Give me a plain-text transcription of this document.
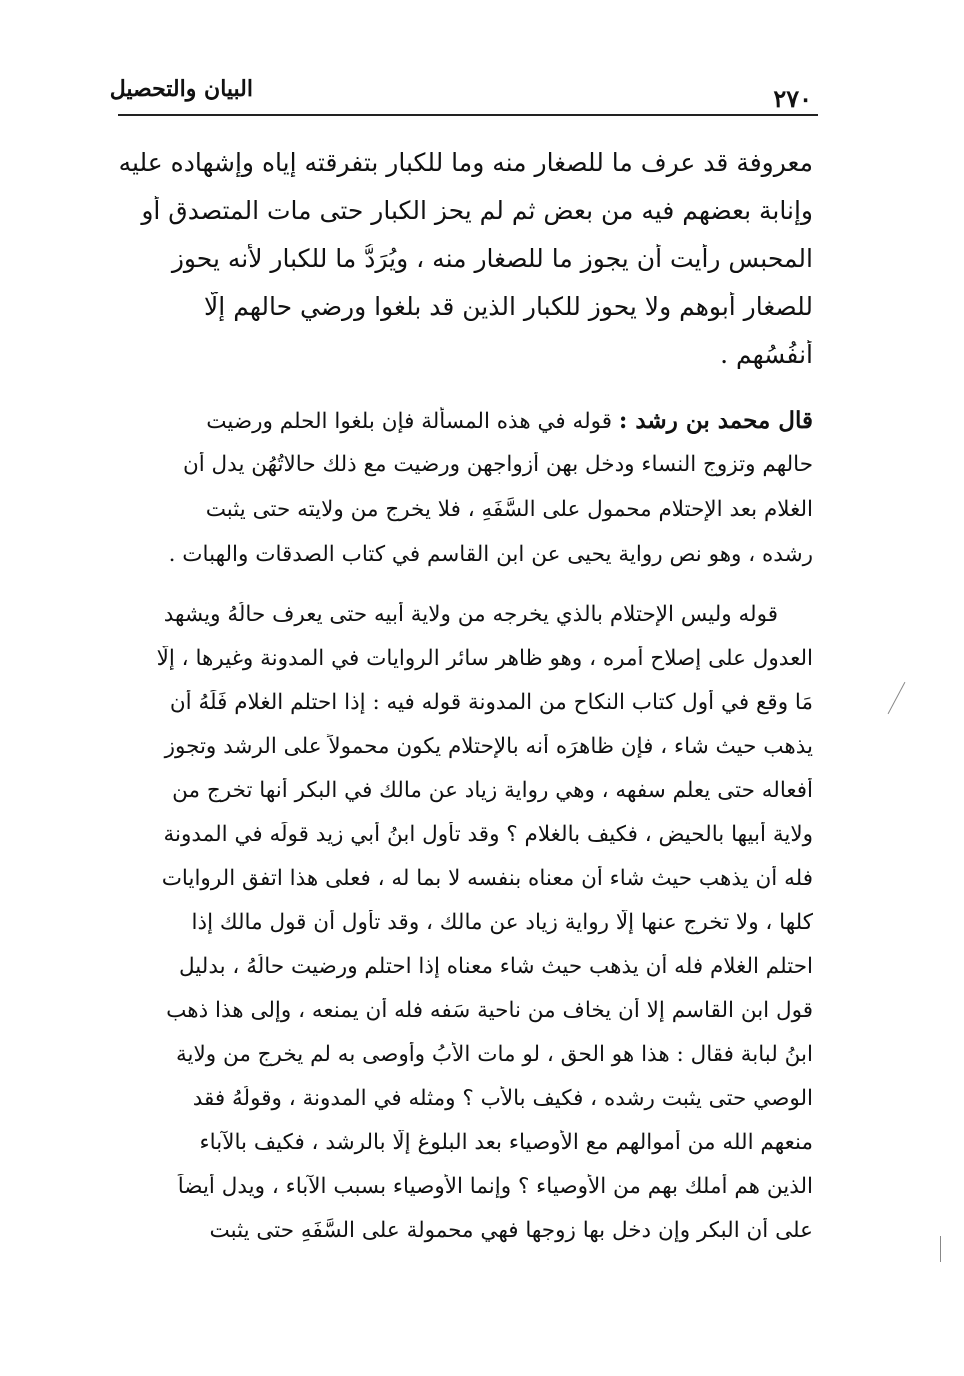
البيان والتحصيل	٢٧٠
معروفة قد عرف ما للصغار منه وما للكبار بتفرقته إياه وإشهاده عليه
وإنابة بعضهم فيه من بعض ثم لم يحز الكبار حتى مات المتصدق أو
المحبس رأيت أن يجوز ما للصغار منه ، ويُرَدُّ ما للكبار لأنه يحوز
للصغار أبوهم ولا يحوز للكبار الذين قد بلغوا ورضي حالهم إلّا
أنفُسُهم .
قال محمد بن رشد : قوله في هذه المسألة فإن بلغوا الحلم ورضيت
حالهم وتزوج النساء ودخل بهن أزواجهن ورضيت مع ذلك حالاتُهُن يدل أن
الغلام بعد الإحتلام محمول على السَّفَهِ ، فلا يخرج من ولايته حتى يثبت
رشده ، وهو نص رواية يحيى عن ابن القاسم في كتاب الصدقات والهبات .
قوله وليس الإحتلام بالذي يخرجه من ولاية أبيه حتى يعرف حالُهُ ويشهد
العدول على إصلاح أمره ، وهو ظاهر سائر الروايات في المدونة وغيرها ، إلّا
مَا وقع في أول كتاب النكاح من المدونة قوله فيه : إذا احتلم الغلام فَلَهُ أن
يذهب حيث شاء ، فإن ظاهرَه أنه بالإحتلام يكون محمولاً على الرشد وتجوز
أفعاله حتى يعلم سفهه ، وهي رواية زياد عن مالك في البكر أنها تخرج من
ولاية أبيها بالحيض ، فكيف بالغلام ؟ وقد تأول ابنُ أبي زيد قولَه في المدونة
فله أن يذهب حيث شاء أن معناه بنفسه لا بما له ، فعلى هذا اتفق الروايات
كلها ، ولا تخرج عنها إلّا رواية زياد عن مالك ، وقد تأول أن قول مالك إذا
احتلم الغلام فله أن يذهب حيث شاء معناه إذا احتلم ورضيت حالُهُ ، بدليل
قول ابن القاسم إلا أن يخاف من ناحية سَفه فله أن يمنعه ، وإلى هذا ذهب
ابنُ لبابة فقال : هذا هو الحق ، لو مات الأبُ وأوصى به لم يخرج من ولاية
الوصي حتى يثبت رشده ، فكيف بالأب ؟ ومثله في المدونة ، وقولُهُ فقد
منعهم الله من أموالهم مع الأوصياء بعد البلوغ إلّا بالرشد ، فكيف بالآباء
الذين هم أملك بهم من الأوصياء ؟ وإنما الأوصياء بسبب الآباء ، ويدل أيضاً
على أن البكر وإن دخل بها زوجها فهي محمولة على السَّفَهِ حتى يثبت
